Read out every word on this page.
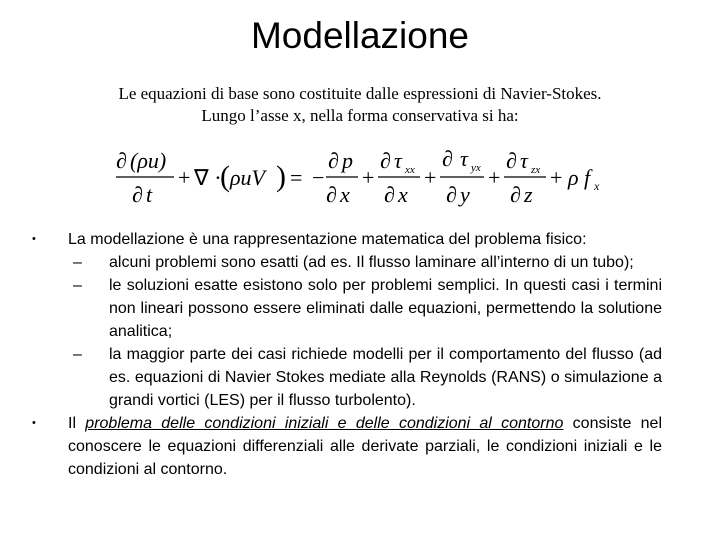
Modellazione
Le equazioni di base sono costituite dalle espressioni di Navier-Stokes.
Lungo l’asse x, nella forma conservativa si ha:
∂ (ρu)
∂ t
+ ∇ ·
( ρuV ) = −
∂ p
∂ x
+
∂ τ xx
∂ x
+
∂ τ yx
∂ y
+
∂ τ zx
∂ z
+ ρ f x
•	La modellazione è una rappresentazione matematica del problema fisico:
– alcuni problemi sono esatti (ad es. Il flusso laminare all’interno di un tubo);
– le soluzioni esatte esistono solo per problemi semplici. In questi casi i termini non lineari possono essere eliminati dalle equazioni, permettendo la solutione analitica;
– la maggior parte dei casi richiede modelli per il comportamento del flusso (ad es. equazioni di Navier Stokes mediate alla Reynolds (RANS) o simulazione a grandi vortici (LES) per il flusso turbolento).
•	Il problema delle condizioni iniziali e delle condizioni al contorno consiste nel conoscere le equazioni differenziali alle derivate parziali, le condizioni iniziali e le condizioni al contorno.
